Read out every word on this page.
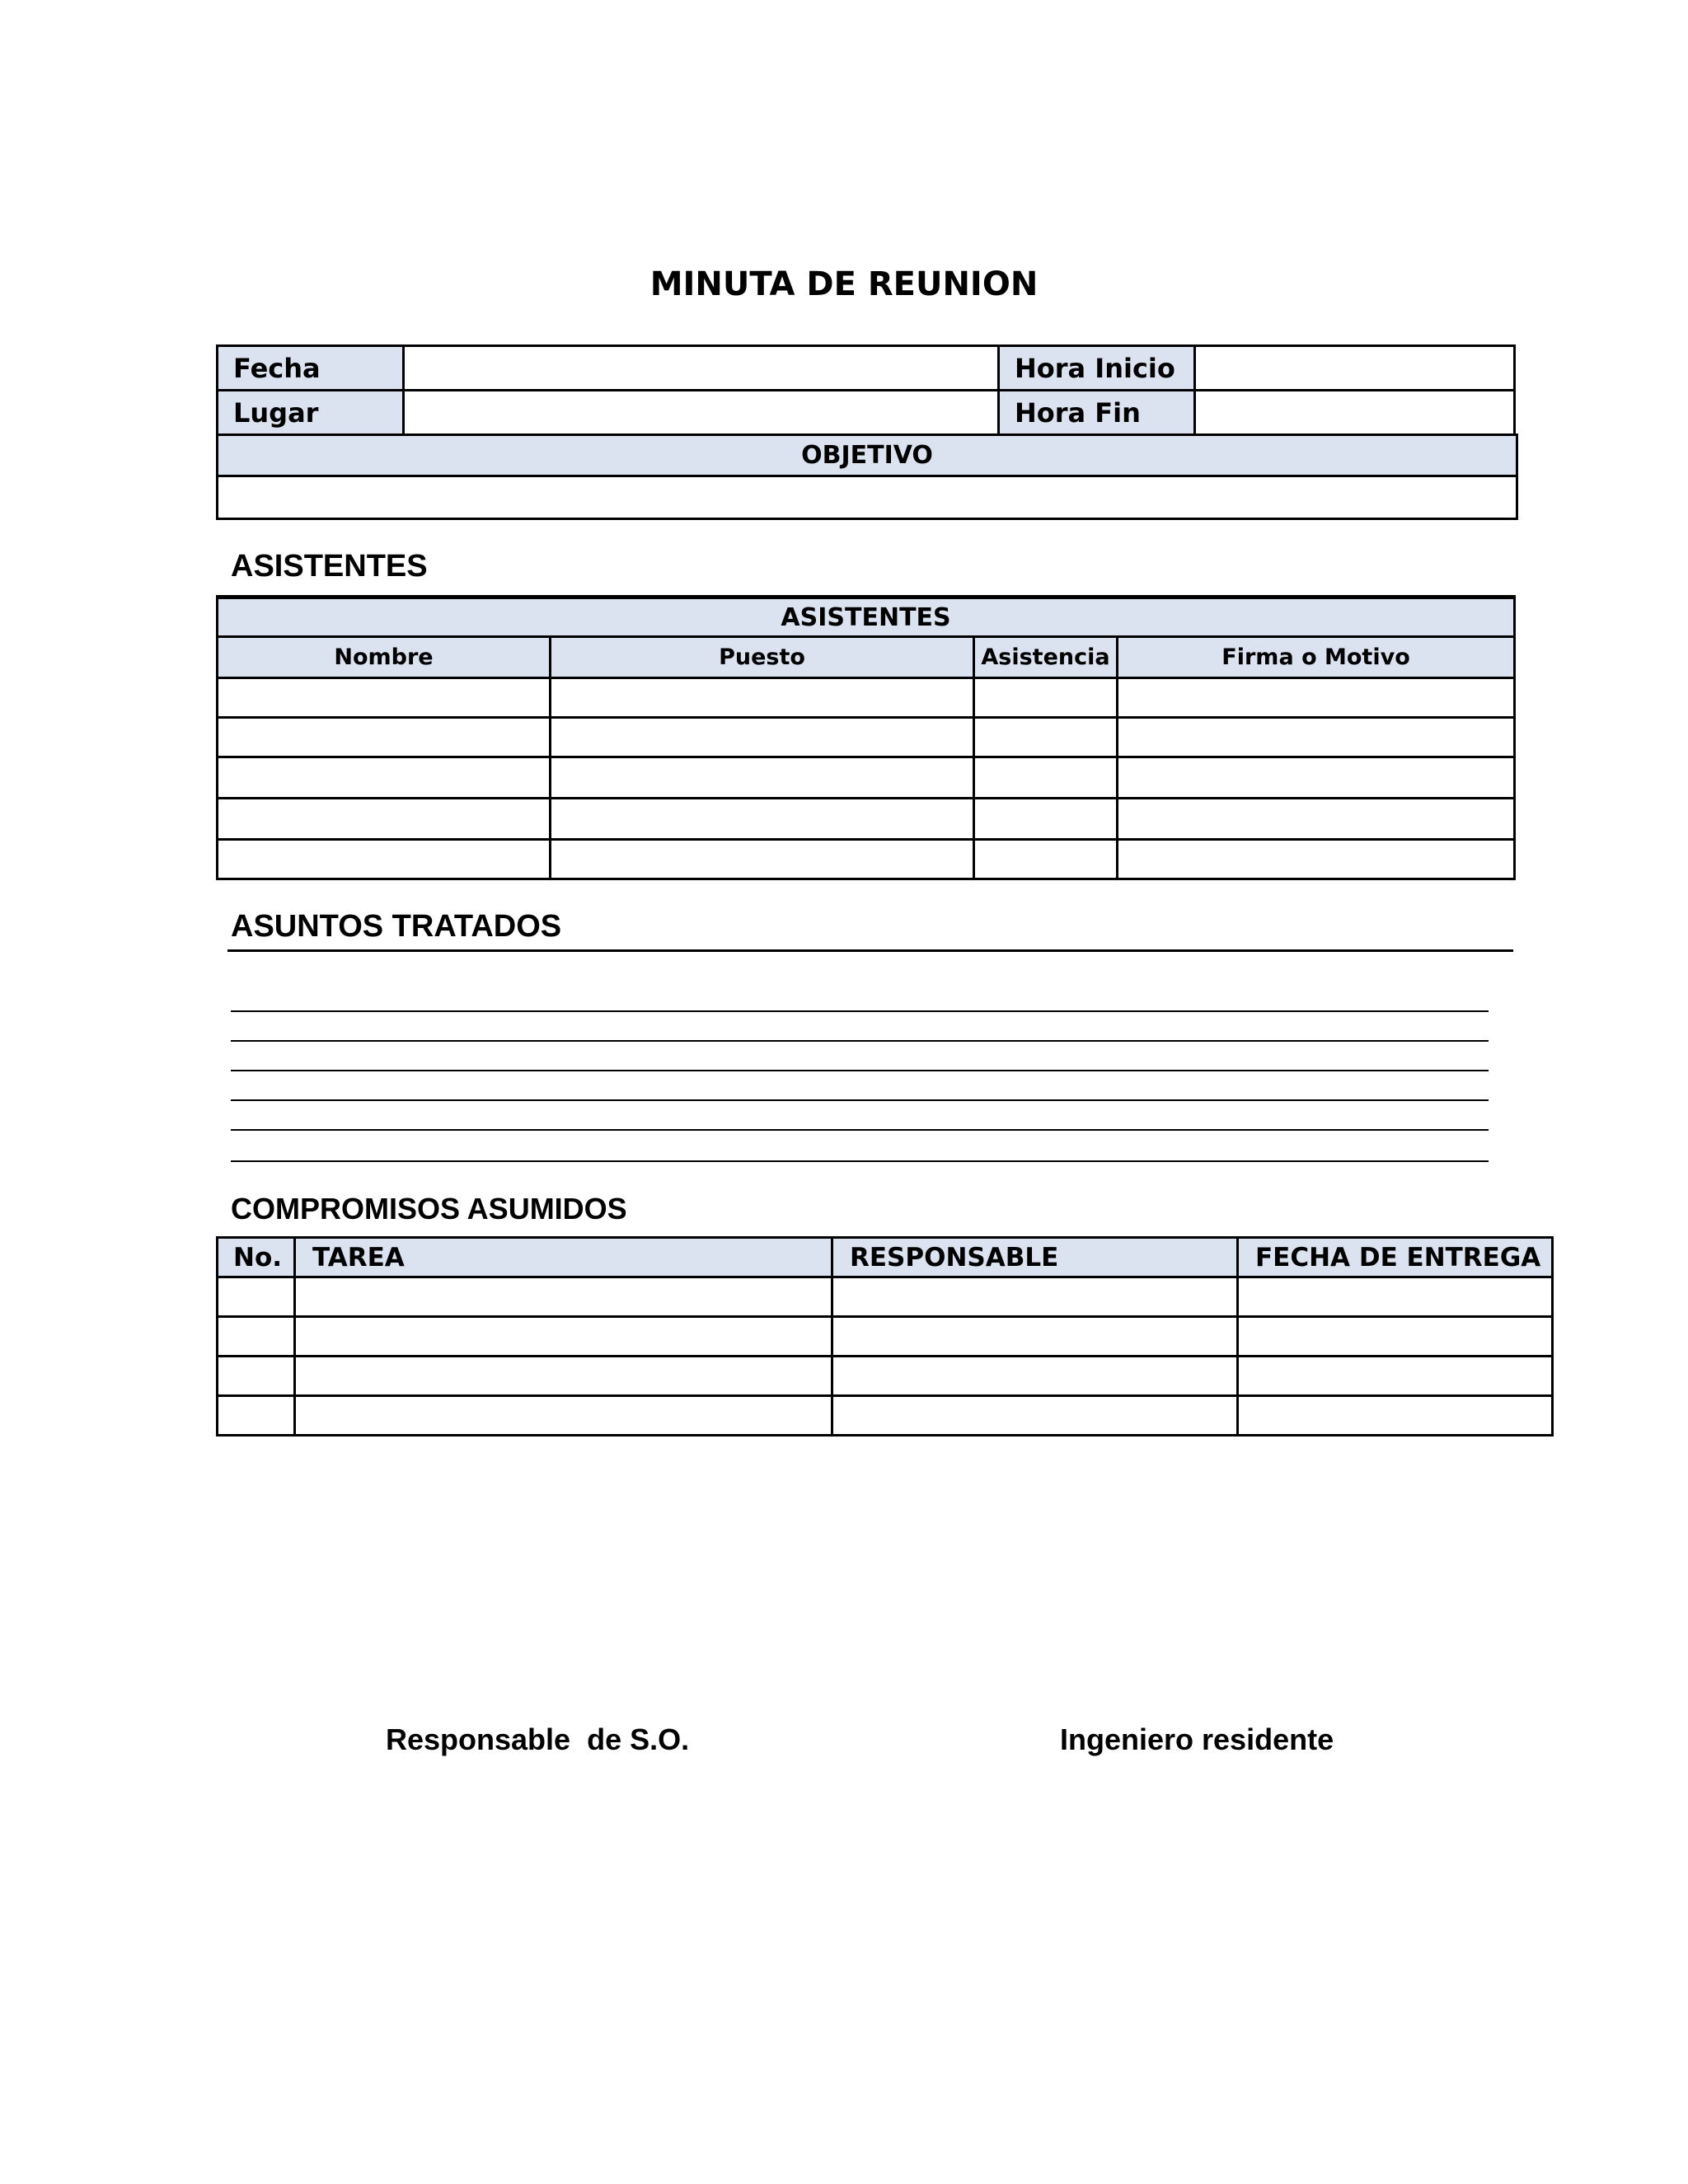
MINUTA DE REUNION
Fecha		Hora Inicio	
Lugar		Hora Fin	
OBJETIVO

ASISTENTES
ASISTENTES			
Nombre	Puesto	Asistencia	Firma o Motivo

ASUNTOS TRATADOS
COMPROMISOS ASUMIDOS
No.	TAREA	RESPONSABLE	FECHA DE ENTREGA

Responsable  de S.O.	Ingeniero residente
